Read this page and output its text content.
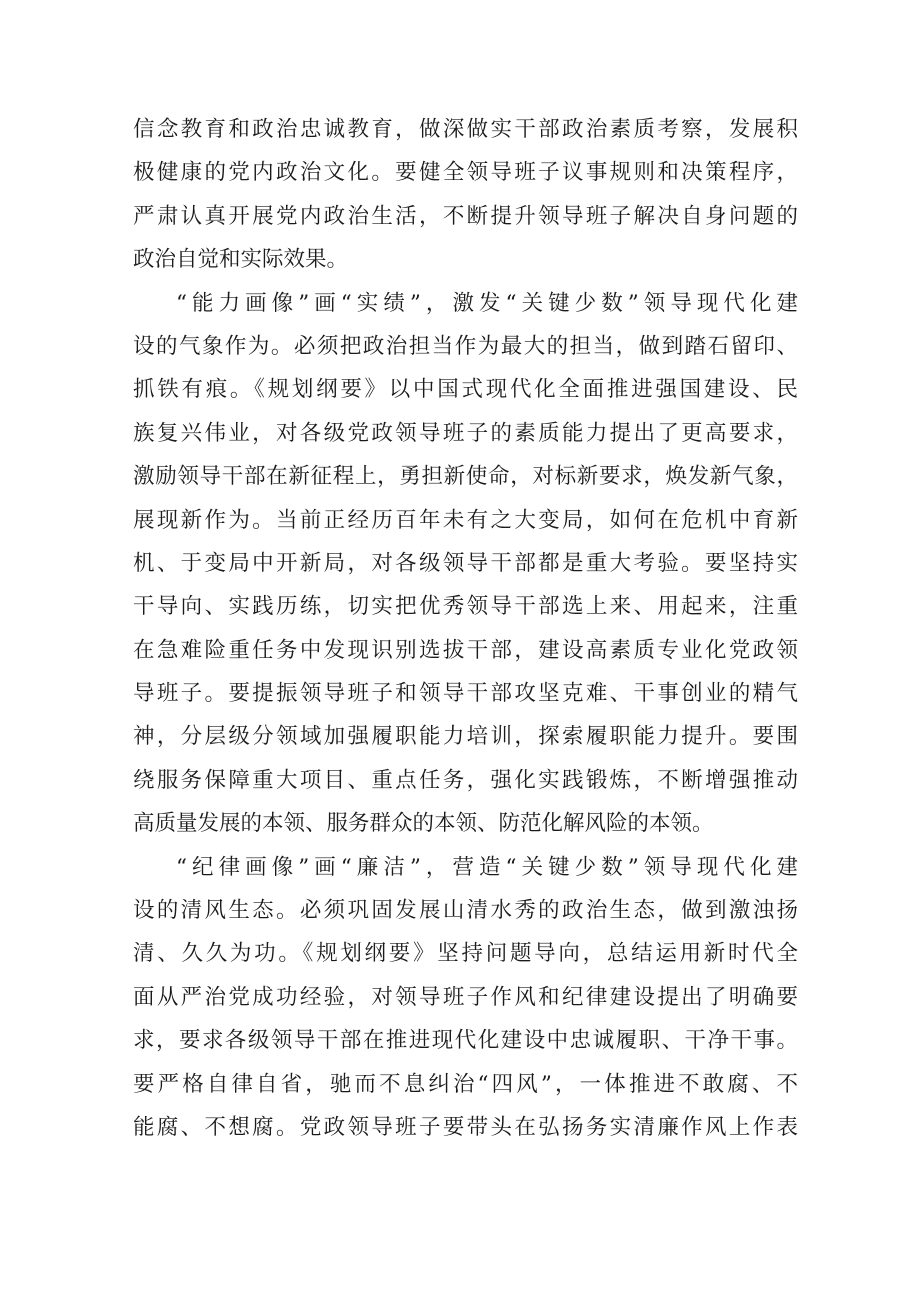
信念教育和政治忠诚教育，做深做实干部政治素质考察，发展积
极健康的党内政治文化。要健全领导班子议事规则和决策程序，
严肃认真开展党内政治生活，不断提升领导班子解决自身问题的
政治自觉和实际效果。
“能力画像”画“实绩”，激发“关键少数”领导现代化建
设的气象作为。必须把政治担当作为最大的担当，做到踏石留印、
抓铁有痕。《规划纲要》以中国式现代化全面推进强国建设、民
族复兴伟业，对各级党政领导班子的素质能力提出了更高要求，
激励领导干部在新征程上，勇担新使命，对标新要求，焕发新气象，
展现新作为。当前正经历百年未有之大变局，如何在危机中育新
机、于变局中开新局，对各级领导干部都是重大考验。要坚持实
干导向、实践历练，切实把优秀领导干部选上来、用起来，注重
在急难险重任务中发现识别选拔干部，建设高素质专业化党政领
导班子。要提振领导班子和领导干部攻坚克难、干事创业的精气
神，分层级分领域加强履职能力培训，探索履职能力提升。要围
绕服务保障重大项目、重点任务，强化实践锻炼，不断增强推动
高质量发展的本领、服务群众的本领、防范化解风险的本领。
“纪律画像”画“廉洁”，营造“关键少数”领导现代化建
设的清风生态。必须巩固发展山清水秀的政治生态，做到激浊扬
清、久久为功。《规划纲要》坚持问题导向，总结运用新时代全
面从严治党成功经验，对领导班子作风和纪律建设提出了明确要
求，要求各级领导干部在推进现代化建设中忠诚履职、干净干事。
要严格自律自省，驰而不息纠治“四风”，一体推进不敢腐、不
能腐、不想腐。党政领导班子要带头在弘扬务实清廉作风上作表
